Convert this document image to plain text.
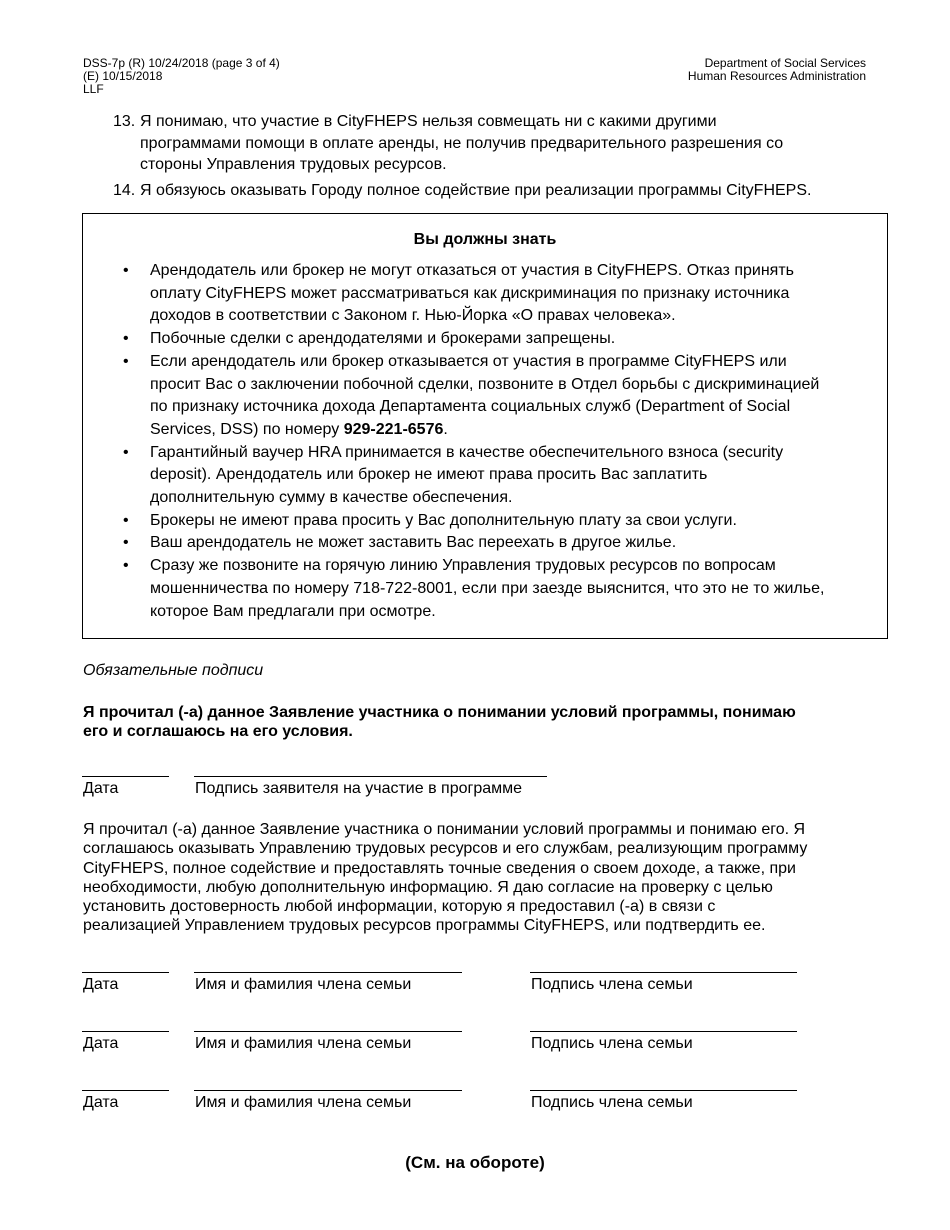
DSS-7p (R) 10/24/2018 (page 3 of 4)
(E) 10/15/2018
LLF
Department of Social Services
Human Resources Administration
13. Я понимаю, что участие в CityFHEPS нельзя совмещать ни с какими другими
программами помощи в оплате аренды, не получив предварительного разрешения со
стороны Управления трудовых ресурсов.
14. Я обязуюсь оказывать Городу полное содействие при реализации программы CityFHEPS.
Вы должны знать
• Арендодатель или брокер не могут отказаться от участия в CityFHEPS. Отказ принять
оплату CityFHEPS может рассматриваться как дискриминация по признаку источника
доходов в соответствии с Законом г. Нью-Йорка «О правах человека».
• Побочные сделки с арендодателями и брокерами запрещены.
• Если арендодатель или брокер отказывается от участия в программе CityFHEPS или
просит Вас о заключении побочной сделки, позвоните в Отдел борьбы с дискриминацией
по признаку источника дохода Департамента социальных служб (Department of Social
Services, DSS) по номеру 929-221-6576.
• Гарантийный ваучер HRA принимается в качестве обеспечительного взноса (security
deposit). Арендодатель или брокер не имеют права просить Вас заплатить
дополнительную сумму в качестве обеспечения.
• Брокеры не имеют права просить у Вас дополнительную плату за свои услуги.
• Ваш арендодатель не может заставить Вас переехать в другое жилье.
• Сразу же позвоните на горячую линию Управления трудовых ресурсов по вопросам
мошенничества по номеру 718-722-8001, если при заезде выяснится, что это не то жилье,
которое Вам предлагали при осмотре.
Обязательные подписи
Я прочитал (-а) данное Заявление участника о понимании условий программы, понимаю
его и соглашаюсь на его условия.
Дата	Подпись заявителя на участие в программе
Я прочитал (-а) данное Заявление участника о понимании условий программы и понимаю его. Я
соглашаюсь оказывать Управлению трудовых ресурсов и его службам, реализующим программу
CityFHEPS, полное содействие и предоставлять точные сведения о своем доходе, а также, при
необходимости, любую дополнительную информацию. Я даю согласие на проверку с целью
установить достоверность любой информации, которую я предоставил (-а) в связи с
реализацией Управлением трудовых ресурсов программы CityFHEPS, или подтвердить ее.
Дата	Имя и фамилия члена семьи	Подпись члена семьи
Дата	Имя и фамилия члена семьи	Подпись члена семьи
Дата	Имя и фамилия члена семьи	Подпись члена семьи
(См. на обороте)
